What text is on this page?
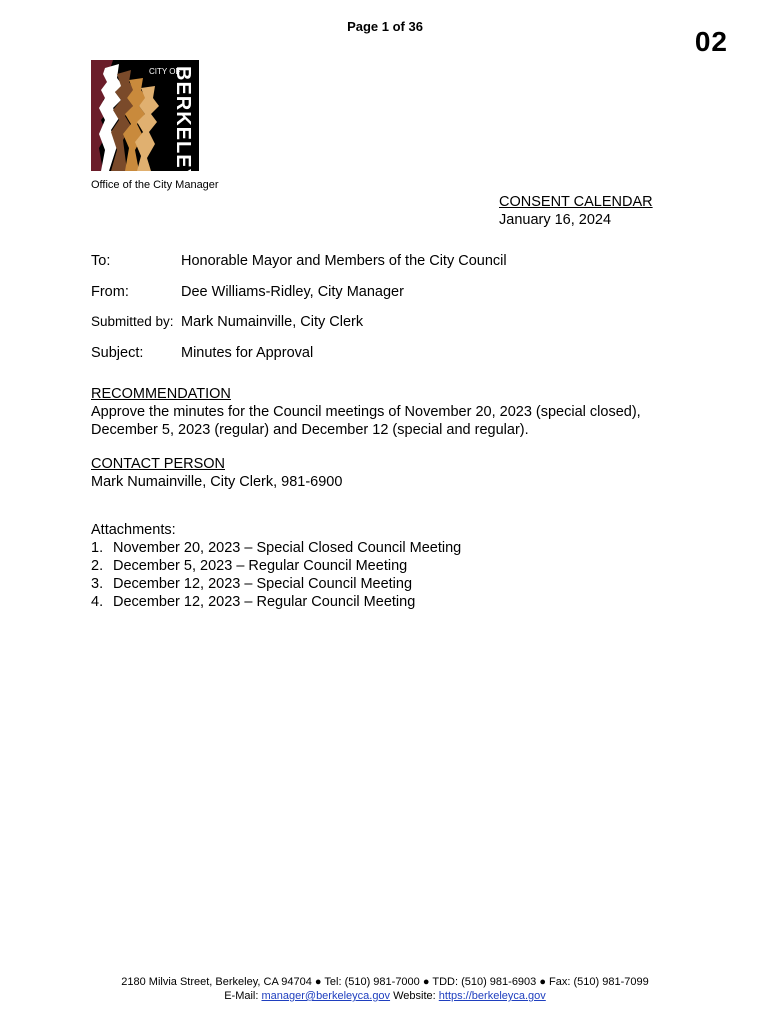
Page 1 of 36	02
CITY OF
BERKELEY
Office of the City Manager
CONSENT CALENDAR
January 16, 2024
To:	Honorable Mayor and Members of the City Council
From:	Dee Williams-Ridley, City Manager
Submitted by: Mark Numainville, City Clerk
Subject:	Minutes for Approval
RECOMMENDATION
Approve the minutes for the Council meetings of November 20, 2023 (special closed),
December 5, 2023 (regular) and December 12 (special and regular).
CONTACT PERSON
Mark Numainville, City Clerk, 981-6900
Attachments:
1. November 20, 2023 – Special Closed Council Meeting
2. December 5, 2023 – Regular Council Meeting
3. December 12, 2023 – Special Council Meeting
4. December 12, 2023 – Regular Council Meeting
2180 Milvia Street, Berkeley, CA 94704 ● Tel: (510) 981-7000 ● TDD: (510) 981-6903 ● Fax: (510) 981-7099
E-Mail: manager@berkeleyca.gov Website: https://berkeleyca.gov
